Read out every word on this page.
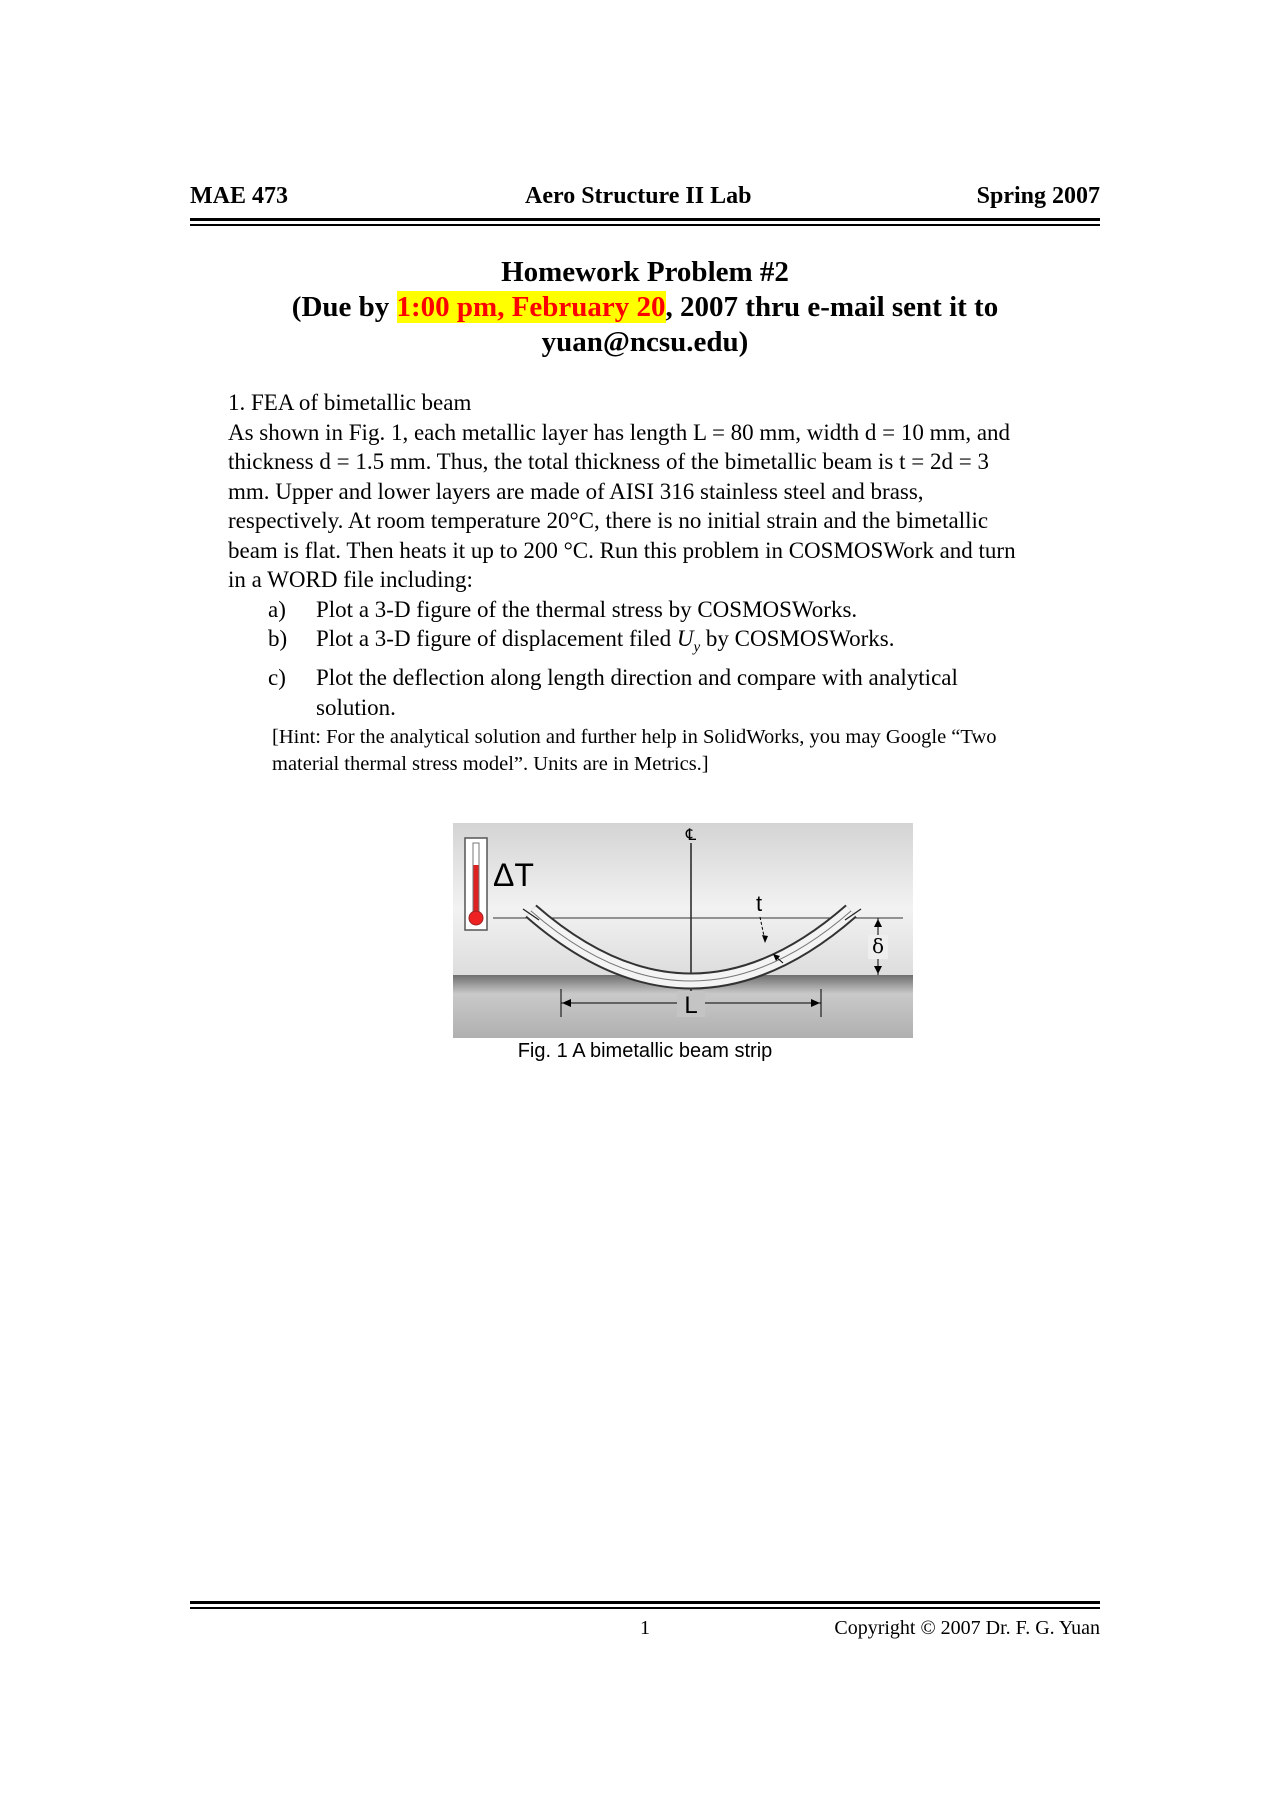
MAE 473	Aero Structure II Lab	Spring 2007
Homework Problem #2
(Due by 1:00 pm, February 20, 2007 thru e-mail sent it to
yuan@ncsu.edu)

1. FEA of bimetallic beam

As shown in Fig. 1, each metallic layer has length L = 80 mm, width d = 10 mm, and

thickness d = 1.5 mm. Thus, the total thickness of the bimetallic beam is t = 2d = 3

mm. Upper and lower layers are made of AISI 316 stainless steel and brass,

respectively. At room temperature 20°C, there is no initial strain and the bimetallic

beam is flat. Then heats it up to 200 °C. Run this problem in COSMOSWork and turn

in a WORD file including:

a) Plot a 3-D figure of the thermal stress by COSMOSWorks.
b) Plot a 3-D figure of displacement filed $U_y$ by COSMOSWorks.
c) Plot the deflection along length direction and compare with analytical
solution.
[Hint: For the analytical solution and further help in SolidWorks, you may Google “Two
material thermal stress model”. Units are in Metrics.]
ΔT
℄
t
δ
L
Fig. 1 A bimetallic beam strip
1	Copyright © 2007 Dr. F. G. Yuan
